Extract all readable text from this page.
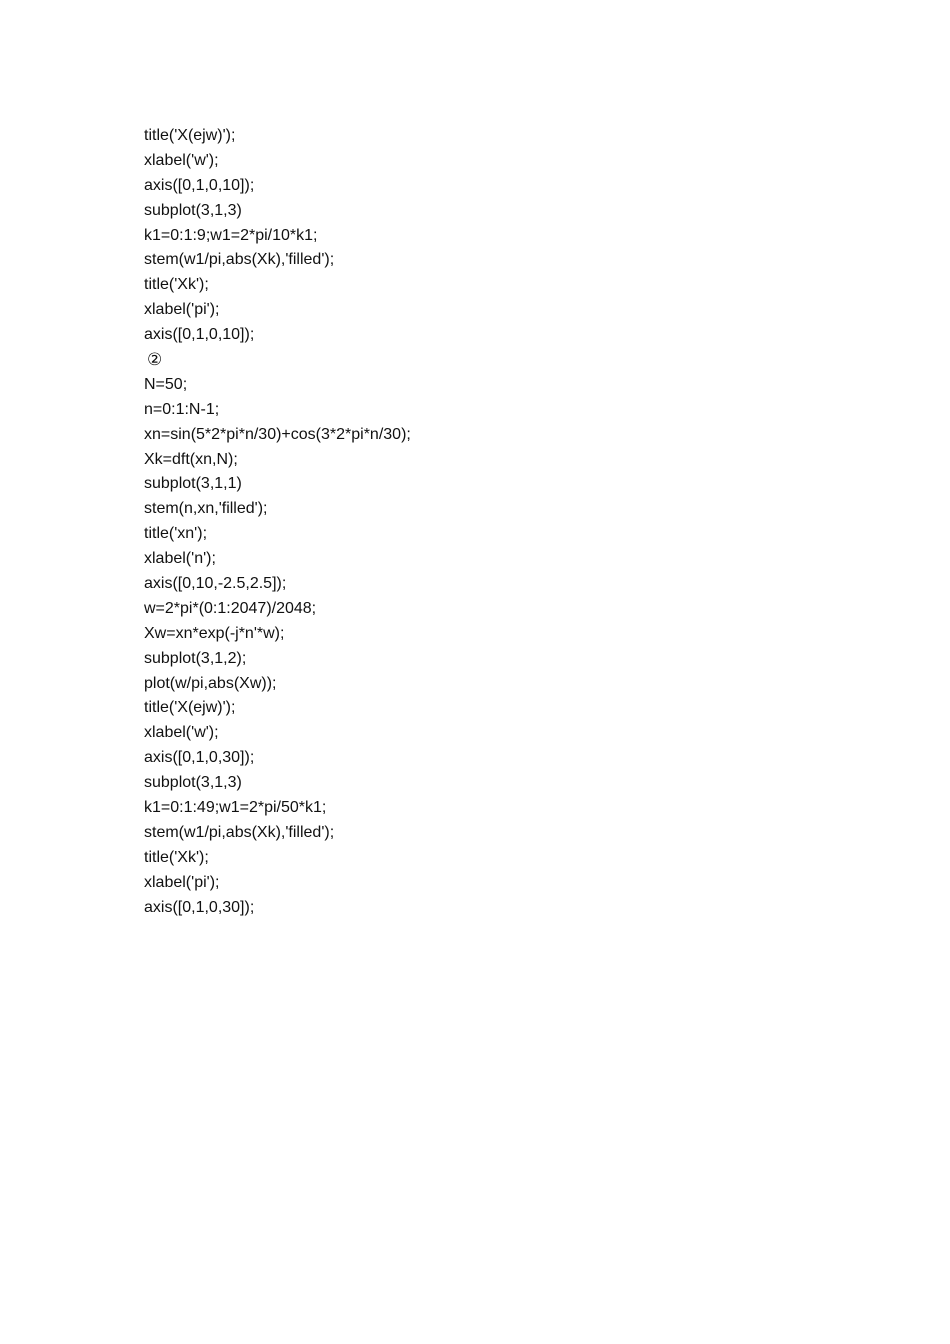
title('X(ejw)');
xlabel('w');
axis([0,1,0,10]);
subplot(3,1,3)
k1=0:1:9;w1=2*pi/10*k1;
stem(w1/pi,abs(Xk),'filled');
title('Xk');
xlabel('pi');
axis([0,1,0,10]);
②
N=50;
n=0:1:N-1;
xn=sin(5*2*pi*n/30)+cos(3*2*pi*n/30);
Xk=dft(xn,N);
subplot(3,1,1)
stem(n,xn,'filled');
title('xn');
xlabel('n');
axis([0,10,-2.5,2.5]);
w=2*pi*(0:1:2047)/2048;
Xw=xn*exp(-j*n'*w);
subplot(3,1,2);
plot(w/pi,abs(Xw));
title('X(ejw)');
xlabel('w');
axis([0,1,0,30]);
subplot(3,1,3)
k1=0:1:49;w1=2*pi/50*k1;
stem(w1/pi,abs(Xk),'filled');
title('Xk');
xlabel('pi');
axis([0,1,0,30]);
